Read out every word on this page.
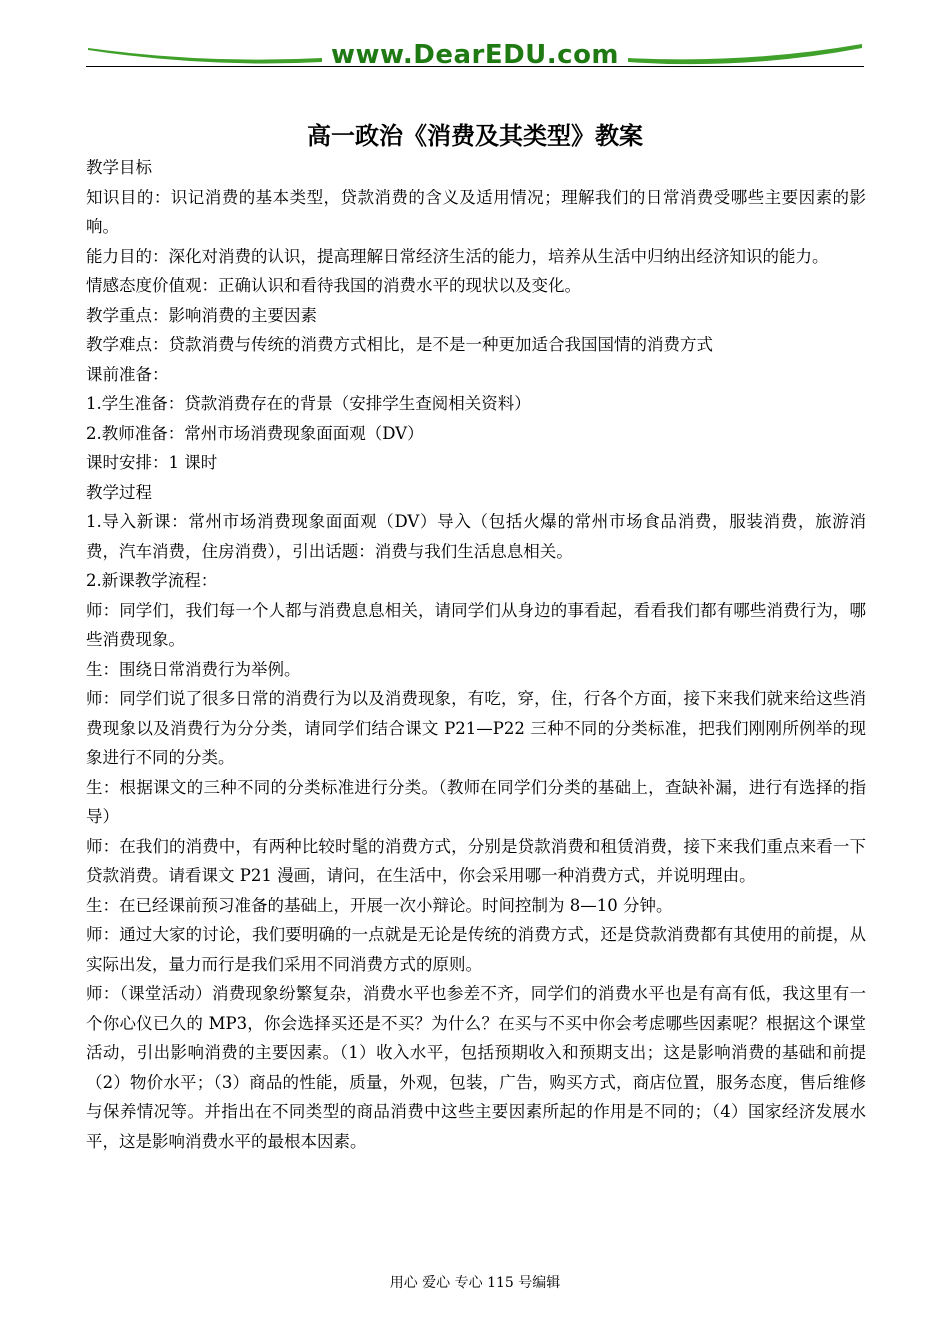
www.DearEDU.com
高一政治《消费及其类型》教案

教学目标

知识目的：识记消费的基本类型，贷款消费的含义及适用情况；理解我们的日常消费受哪些主要因素的影响。

能力目的：深化对消费的认识，提高理解日常经济生活的能力，培养从生活中归纳出经济知识的能力。

情感态度价值观：正确认识和看待我国的消费水平的现状以及变化。

教学重点：影响消费的主要因素

教学难点：贷款消费与传统的消费方式相比，是不是一种更加适合我国国情的消费方式

课前准备：

1.学生准备：贷款消费存在的背景（安排学生查阅相关资料）

2.教师准备：常州市场消费现象面面观（DV）

课时安排：1 课时

教学过程

1.导入新课：常州市场消费现象面面观（DV）导入（包括火爆的常州市场食品消费，服装消费，旅游消费，汽车消费，住房消费），引出话题：消费与我们生活息息相关。

2.新课教学流程：

师：同学们，我们每一个人都与消费息息相关，请同学们从身边的事看起，看看我们都有哪些消费行为，哪些消费现象。

生：围绕日常消费行为举例。

师：同学们说了很多日常的消费行为以及消费现象，有吃，穿，住，行各个方面，接下来我们就来给这些消费现象以及消费行为分分类，请同学们结合课文 P21—P22 三种不同的分类标准，把我们刚刚所例举的现象进行不同的分类。

生：根据课文的三种不同的分类标准进行分类。（教师在同学们分类的基础上，查缺补漏，进行有选择的指导）

师：在我们的消费中，有两种比较时髦的消费方式，分别是贷款消费和租赁消费，接下来我们重点来看一下贷款消费。请看课文 P21 漫画，请问，在生活中，你会采用哪一种消费方式，并说明理由。

生：在已经课前预习准备的基础上，开展一次小辩论。时间控制为 8—10 分钟。

师：通过大家的讨论，我们要明确的一点就是无论是传统的消费方式，还是贷款消费都有其使用的前提，从实际出发，量力而行是我们采用不同消费方式的原则。

师：（课堂活动）消费现象纷繁复杂，消费水平也参差不齐，同学们的消费水平也是有高有低，我这里有一个你心仪已久的 MP3，你会选择买还是不买？为什么？在买与不买中你会考虑哪些因素呢？根据这个课堂活动，引出影响消费的主要因素。（1）收入水平，包括预期收入和预期支出；这是影响消费的基础和前提（2）物价水平；（3）商品的性能，质量，外观，包装，广告，购买方式，商店位置，服务态度，售后维修与保养情况等。并指出在不同类型的商品消费中这些主要因素所起的作用是不同的；（4）国家经济发展水平，这是影响消费水平的最根本因素。

用心 爱心 专心 115 号编辑
